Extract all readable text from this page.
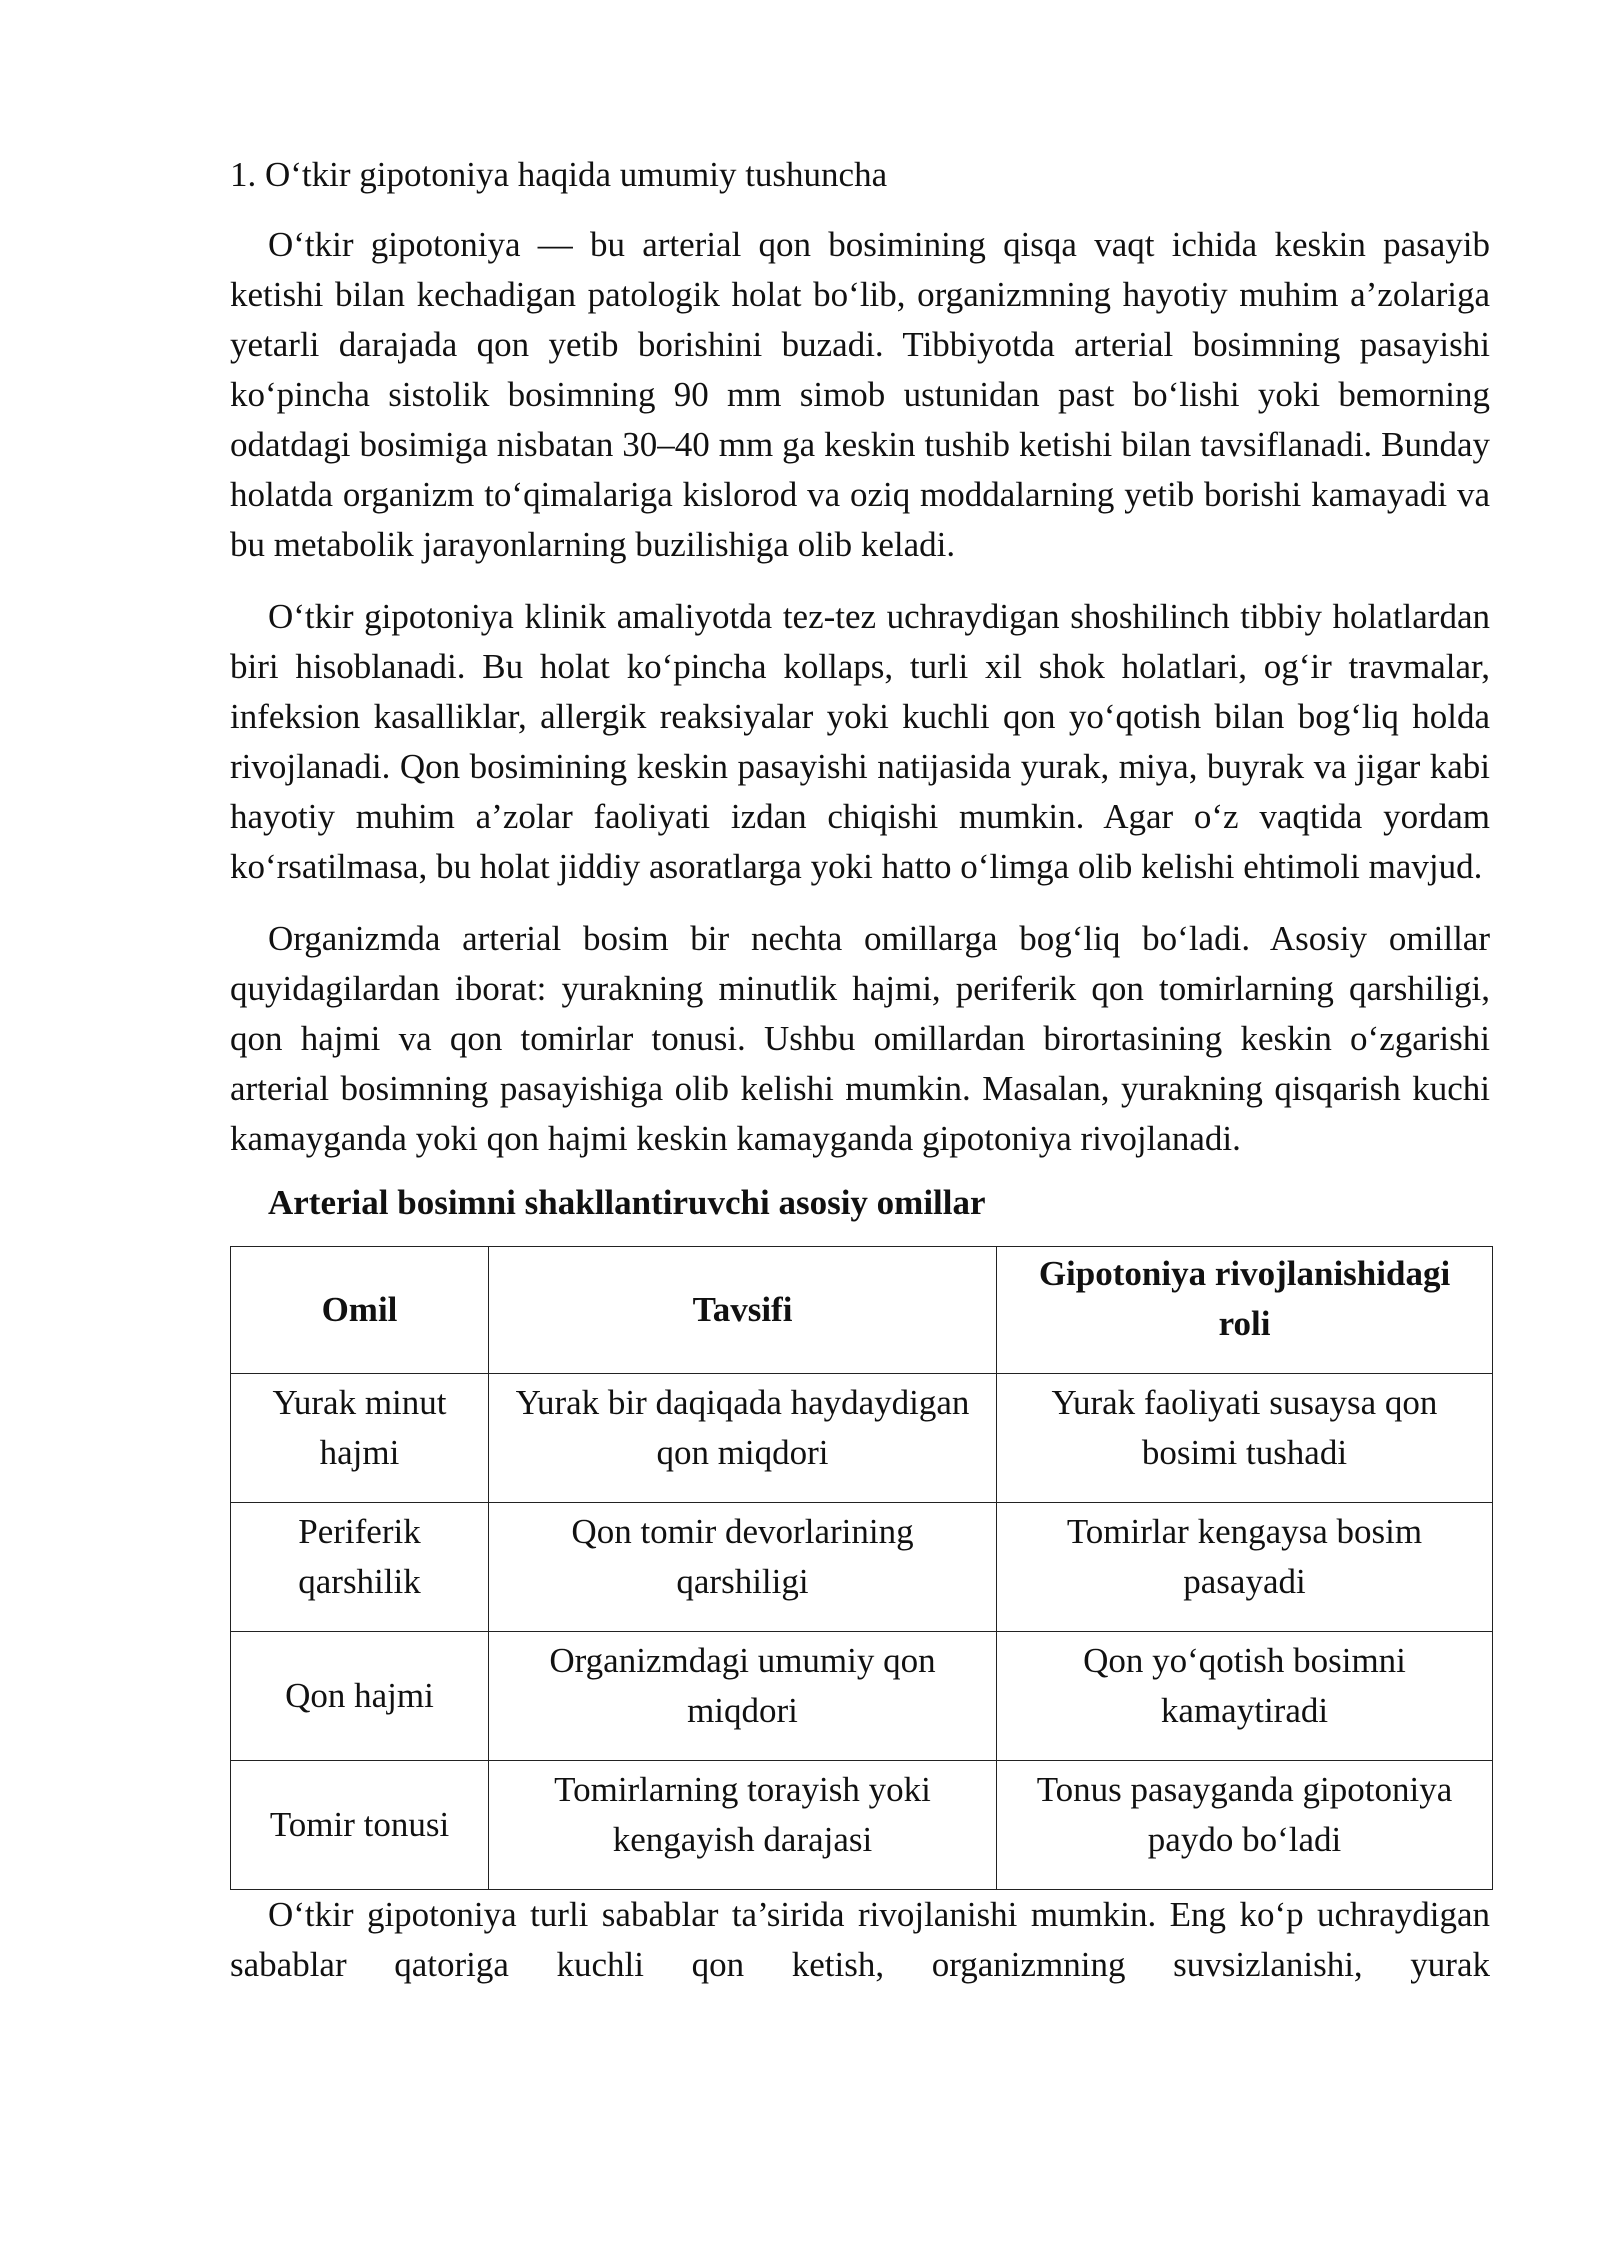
1. O‘tkir gipotoniya haqida umumiy tushuncha

O‘tkir gipotoniya — bu arterial qon bosimining qisqa vaqt ichida keskin pasayib ketishi bilan kechadigan patologik holat bo‘lib, organizmning hayotiy muhim a’zolariga yetarli darajada qon yetib borishini buzadi. Tibbiyotda arterial bosimning pasayishi ko‘pincha sistolik bosimning 90 mm simob ustunidan past bo‘lishi yoki bemorning odatdagi bosimiga nisbatan 30–40 mm ga keskin tushib ketishi bilan tavsiflanadi. Bunday holatda organizm to‘qimalariga kislorod va oziq moddalarning yetib borishi kamayadi va bu metabolik jarayonlarning buzilishiga olib keladi.

O‘tkir gipotoniya klinik amaliyotda tez-tez uchraydigan shoshilinch tibbiy holatlardan biri hisoblanadi. Bu holat ko‘pincha kollaps, turli xil shok holatlari, og‘ir travmalar, infeksion kasalliklar, allergik reaksiyalar yoki kuchli qon yo‘qotish bilan bog‘liq holda rivojlanadi. Qon bosimining keskin pasayishi natijasida yurak, miya, buyrak va jigar kabi hayotiy muhim a’zolar faoliyati izdan chiqishi mumkin. Agar o‘z vaqtida yordam ko‘rsatilmasa, bu holat jiddiy asoratlarga yoki hatto o‘limga olib kelishi ehtimoli mavjud.

Organizmda arterial bosim bir nechta omillarga bog‘liq bo‘ladi. Asosiy omillar quyidagilardan iborat: yurakning minutlik hajmi, periferik qon tomirlarning qarshiligi, qon hajmi va qon tomirlar tonusi. Ushbu omillardan birortasining keskin o‘zgarishi arterial bosimning pasayishiga olib kelishi mumkin. Masalan, yurakning qisqarish kuchi kamayganda yoki qon hajmi keskin kamayganda gipotoniya rivojlanadi.

Arterial bosimni shakllantiruvchi asosiy omillar
Omil	Tavsifi	Gipotoniya rivojlanishidagi roli
Yurak minut hajmi	Yurak bir daqiqada haydaydigan qon miqdori	Yurak faoliyati susaysa qon bosimi tushadi
Periferik qarshilik	Qon tomir devorlarining qarshiligi	Tomirlar kengaysa bosim pasayadi
Qon hajmi	Organizmdagi umumiy qon miqdori	Qon yo‘qotish bosimni kamaytiradi
Tomir tonusi	Tomirlarning torayish yoki kengayish darajasi	Tonus pasayganda gipotoniya paydo bo‘ladi

O‘tkir gipotoniya turli sabablar ta’sirida rivojlanishi mumkin. Eng ko‘p uchraydigan sabablar qatoriga kuchli qon ketish, organizmning suvsizlanishi, yurak
